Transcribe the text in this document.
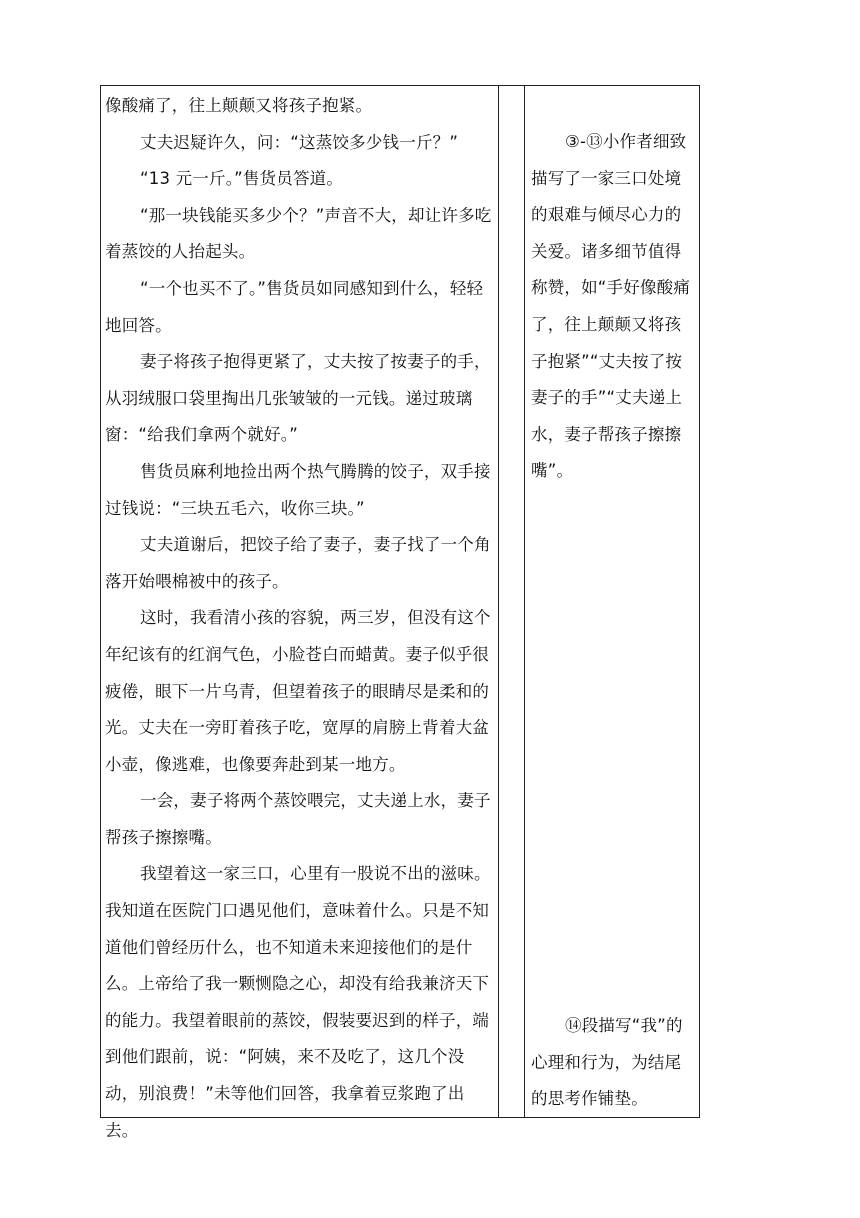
像酸痛了，往上颠颠又将孩子抱紧。

丈夫迟疑许久，问：“这蒸饺多少钱一斤？”

“13 元一斤。”售货员答道。

“那一块钱能买多少个？”声音不大，却让许多吃着蒸饺的人抬起头。

“一个也买不了。”售货员如同感知到什么，轻轻地回答。

妻子将孩子抱得更紧了，丈夫按了按妻子的手，从羽绒服口袋里掏出几张皱皱的一元钱。递过玻璃窗：“给我们拿两个就好。”

售货员麻利地捡出两个热气腾腾的饺子，双手接过钱说：“三块五毛六，收你三块。”

丈夫道谢后，把饺子给了妻子，妻子找了一个角落开始喂棉被中的孩子。

这时，我看清小孩的容貌，两三岁，但没有这个年纪该有的红润气色，小脸苍白而蜡黄。妻子似乎很疲倦，眼下一片乌青，但望着孩子的眼睛尽是柔和的光。丈夫在一旁盯着孩子吃，宽厚的肩膀上背着大盆小壶，像逃难，也像要奔赴到某一地方。

一会，妻子将两个蒸饺喂完，丈夫递上水，妻子帮孩子擦擦嘴。

我望着这一家三口，心里有一股说不出的滋味。我知道在医院门口遇见他们，意味着什么。只是不知道他们曾经历什么，也不知道未来迎接他们的是什么。上帝给了我一颗恻隐之心，却没有给我兼济天下的能力。我望着眼前的蒸饺，假装要迟到的样子，端到他们跟前，说：“阿姨，来不及吃了，这几个没动，别浪费！”未等他们回答，我拿着豆浆跑了出去。

③-⑬小作者细致描写了一家三口处境的艰难与倾尽心力的关爱。诸多细节值得称赞，如“手好像酸痛了，往上颠颠又将孩子抱紧”“丈夫按了按妻子的手”“丈夫递上水，妻子帮孩子擦擦嘴”。

⑭段描写“我”的心理和行为，为结尾的思考作铺垫。
